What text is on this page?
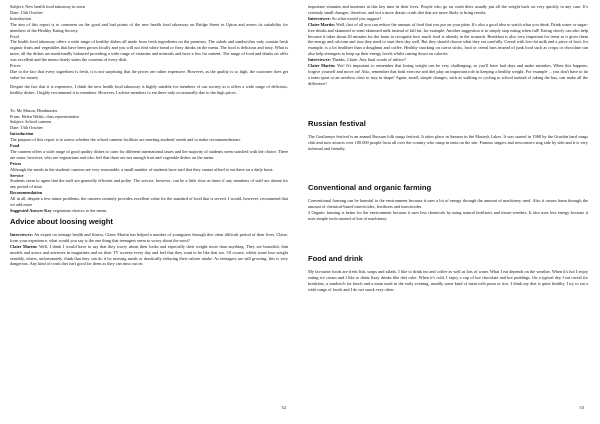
Subject: New health food takeaway in town

Date: 13th October

Introduction

The aim of this report is to comment on the good and bad points of the new health food takeaway on Bridge Street in Upton and assess its suitability for members of the Healthy Eating Society.

Food

The health food takeaway offers a wide range of healthy dishes all made from fresh ingredients on the premises. The salads and sandwiches only contain fresh organic fruits and vegetables that have been grown locally and you will not find white bread or fizzy drinks on the menu. The food is delicious and tasty. What is more, all the dishes are nutritionally balanced providing a wide range of vitamins and minerals and have a low fat content. The range of food and drinks on offer was excellent and the menu clearly states the contents of every dish.

Prices

Due to the fact that every ingredient is fresh, it is not surprising that the prices are rather expensive. However, as the quality is so high, the customer does get value for money.

Despite the fact that it is expensive, I think the new health food takeaway is highly suitable for members of our society as it offers a wide range of delicious, healthy dishes. I highly recommend it to members. However, I advise members to eat there only occasionally due to the high prices.

To: Mr Mason, Headmaster

From: Helen Walsh, class representative

Subject: School canteen

Date: 13th October

Introduction

The purpose of this report is to assess whether the school canteen facilities are meeting students' needs and to make recommendations.

Food

The canteen offers a wide range of good quality dishes to cater for different international tastes and the majority of students seem satisfied with the choice. There are some, however, who are vegetarians and who feel that there are not enough fruit and vegetable dishes on the menu.

Prices

Although the meals in the students' canteen are very reasonable, a small number of students have said that they cannot afford to eat there on a daily basis.

Service

Students seem to agree that the staff are generally efficient and polite. The service, however, can be a little slow at times if any members of staff are absent for any period of time.

Recommendation

All in all, despite a few minor problems, the canteen certainly provides excellent value for the standard of food that is served. I would, however, recommend that we add more

Suggested Answer Key vegetarian choices to the menu.

Advice about loosing weight

Interviewer: An expert on teenage health and fitness, Claire Martin has helped a number of youngsters through this often difficult period of their lives. Claire, from your experience, what would you say is the one thing that teenagers seem to worry about the most?

Claire Martin: Well, I think I would have to say that they worry about their looks and especially their weight more than anything. They see beautiful, thin models and actors and actresses in magazines and on their TV screens every day and feel that they want to be like that too. Of course, whilst some lose weight sensibly, others, unfortunately, think that they can do it by missing meals or drastically reducing their calorie intake. As teenagers are still growing, this is very dangerous. Any kind of crash diet isn't good for them as they can miss out on

52

important vitamins and nutrients at this key time in their lives. People who go on crash diets usually put all the weight back on very quickly in any case. It's certainly small changes, therefore, and not a more drastic crash diet that are more likely to bring results.

Interviewer: So what would you suggest?

Claire Martin: Well, first of all you can reduce the amount of food that you put on your plate. It's also a good idea to watch what you drink. Drink water or sugar-free drinks and skimmed or semi-skimmed milk instead of full fat, for example. Another suggestion is to simply stop eating when full! Eating slowly can also help because it takes about 20 minutes for the brain to recognise how much food is already in the stomach. Breakfast is also very important for teens as it gives them the energy and calcium and iron they need to start their day well. But they should choose what they eat carefully. Cereal with low-fat milk and a piece of fruit, for example, is a lot healthier than a doughnut and coffee. Healthy snacking on carrot sticks, fruit or cereal bars instead of junk food such as crisps or chocolate can also help teenagers to keep up their energy levels whilst cutting down on calories.

Interviewer: Thanks, Claire. Any final words of advice?

Claire Martin: Yes! It's important to remember that losing weight can be very challenging, so you'll have bad days and make mistakes. When this happens, forgive yourself and move on! Also, remember that both exercise and diet play an important role in keeping a healthy weight. For example ... you don't have to do a team sport or an aerobics class to stay in shape! Again, small, simple changes, such as walking or cycling to school instead of taking the bus, can make all the difference!

Russian festival

The Goulianiye festival is an annual Russian folk songs festival. It takes place in Samara in the Mastryk Lakes. It was started in 1968 by the Grushin bard songs club and now attracts over 100,000 people from all over the country who camp in tents on the site. Famous singers and newcomers sing side by side and it is very informal and friendly.

Conventional and organic farming

Conventional farming can be harmful to the environment because it uses a lot of energy through the amount of machinery used. Also it causes harm through the amount of chemical-based insecticides, fertilisers and insecticides.

2 Organic farming is better for the environment because it uses less chemicals by using natural fertilisers and tissue-weeders. It also uses less energy because it uses simple tools instead of lots of machinery.

Food and drink

My favourite foods are fresh fish, soups and salads. I like to drink tea and coffee as well as lots of water. What I eat depends on the weather. When it's hot I enjoy eating ice cream and I like to drink fizzy drinks like diet coke. When it's cold, I enjoy a cup of hot chocolate and hot puddings. On a typical day I eat cereal for breakfast, a sandwich for lunch and a main meal in the early evening, usually some kind of meat with pasta or rice. I think my diet is quite healthy. I try to eat a wide range of foods and I do not snack very often.

53
